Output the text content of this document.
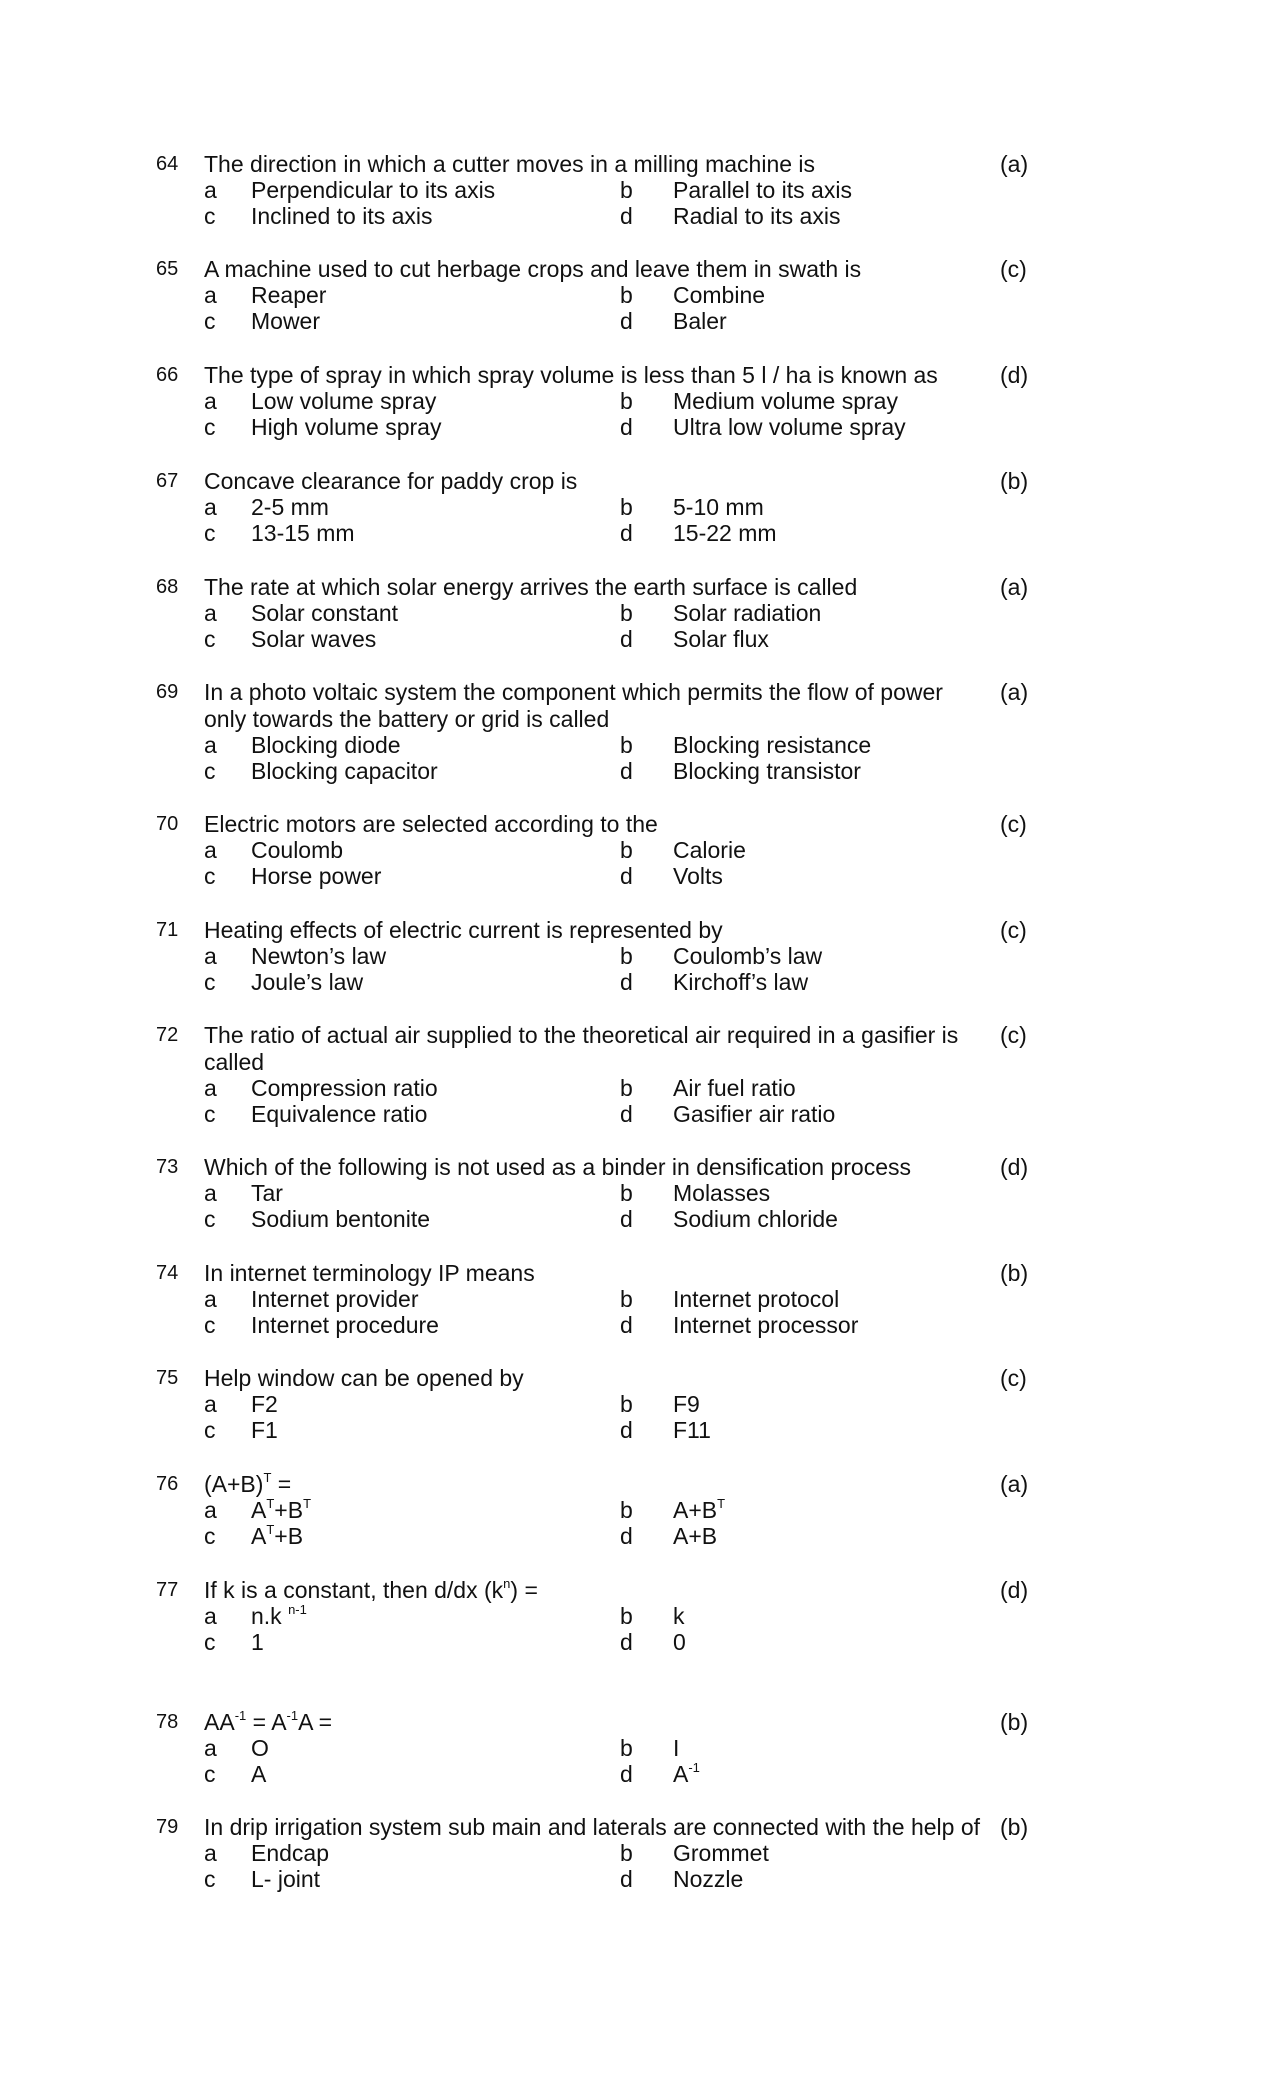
64 The direction in which a cutter moves in a milling machine is	(a)
a Perpendicular to its axis	b Parallel to its axis
c Inclined to its axis	d Radial to its axis
65 A machine used to cut herbage crops and leave them in swath is	(c)
a Reaper	b Combine
c Mower	d Baler
66 The type of spray in which spray volume is less than 5 l / ha is known as	(d)
a Low volume spray	b Medium volume spray
c High volume spray	d Ultra low volume spray
67 Concave clearance for paddy crop is	(b)
a 2-5 mm	b 5-10 mm
c 13-15 mm	d 15-22 mm
68 The rate at which solar energy arrives the earth surface is called	(a)
a Solar constant	b Solar radiation
c Solar waves	d Solar flux
69 In a photo voltaic system the component which permits the flow of power only towards the battery or grid is called
(a)
a Blocking diode	b Blocking resistance
c Blocking capacitor	d Blocking transistor
70 Electric motors are selected according to the	(c)
a Coulomb	b Calorie
c Horse power	d Volts
71 Heating effects of electric current is represented by	(c)
a Newton’s law	b Coulomb’s law
c Joule’s law	d Kirchoff’s law
72 The ratio of actual air supplied to the theoretical air required in a gasifier is called
(c)
a Compression ratio	b Air fuel ratio
c Equivalence ratio	d Gasifier air ratio
73 Which of the following is not used as a binder in densification process	(d)
a Tar	b Molasses
c Sodium bentonite	d Sodium chloride
74 In internet terminology IP means	(b)
a Internet provider	b Internet protocol
c Internet procedure	d Internet processor
75 Help window can be opened by	(c)
a F2	b F9
c F1	d F11
76 $(A+B)^T$ =	(a)
a $A^T+B^T$	b $A+B^T$
c $A^T+B$	d A+B
77 If k is a constant, then d/dx $(k^n)$ =	(d)
a n.k $^{n-1}$	b k
c 1	d 0
78 $AA^{-1} = A^{-1}A$ =	(b)
a O	b I
c A	d $A^{-1}$
79 In drip irrigation system sub main and laterals are connected with the help of (b)
a Endcap	b Grommet
c L- joint	d Nozzle
